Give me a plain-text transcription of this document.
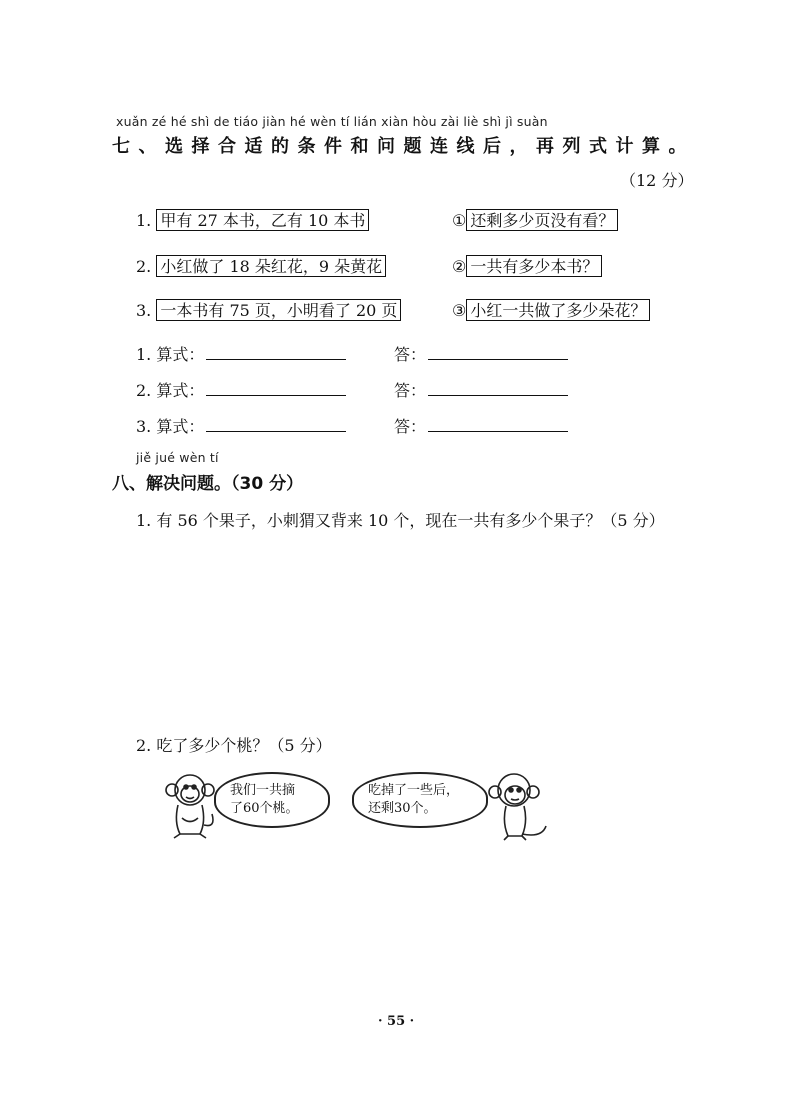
xuǎn zé hé shì de tiáo jiàn hé wèn tí lián xiàn hòu zài liè shì jì suàn
七、选择合适的条件和问题连线后，再列式计算。
（12 分）
1. 甲有 27 本书，乙有 10 本书
2. 小红做了 18 朵红花，9 朵黄花
3. 一本书有 75 页，小明看了 20 页
① 还剩多少页没有看？
② 一共有多少本书？
③ 小红一共做了多少朵花？
1. 算式：	答：
2. 算式：	答：
3. 算式：	答：
jiě jué wèn tí
八、解决问题。（30 分）
1. 有 56 个果子，小刺猬又背来 10 个，现在一共有多少个果子？（5 分）
2. 吃了多少个桃？（5 分）
我们一共摘
了60个桃。
吃掉了一些后，
还剩30个。
· 55 ·
